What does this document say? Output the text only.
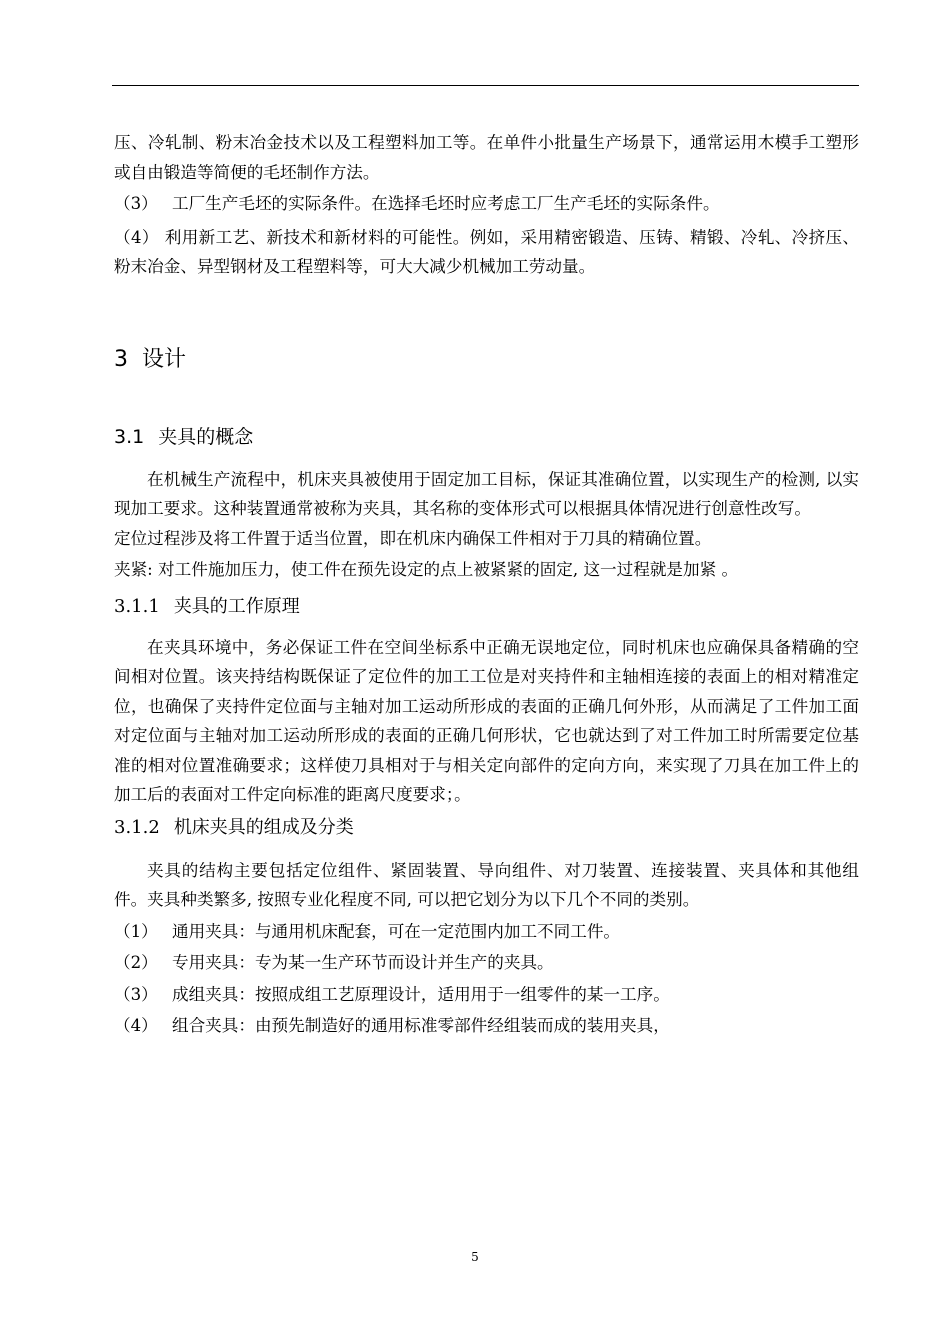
压、冷轧制、粉末冶金技术以及工程塑料加工等。在单件小批量生产场景下，通常运用木模手工塑形或自由锻造等简便的毛坯制作方法。

（3） 工厂生产毛坯的实际条件。在选择毛坯时应考虑工厂生产毛坯的实际条件。

（4） 利用新工艺、新技术和新材料的可能性。例如，采用精密锻造、压铸、精锻、冷轧、冷挤压、粉末冶金、异型钢材及工程塑料等，可大大减少机械加工劳动量。

3 设计
3.1 夹具的概念

在机械生产流程中，机床夹具被使用于固定加工目标，保证其准确位置，以实现生产的检测, 以实现加工要求。这种装置通常被称为夹具，其名称的变体形式可以根据具体情况进行创意性改写。

定位过程涉及将工件置于适当位置，即在机床内确保工件相对于刀具的精确位置。

夹紧: 对工件施加压力，使工件在预先设定的点上被紧紧的固定, 这一过程就是加紧 。

3.1.1 夹具的工作原理

在夹具环境中，务必保证工件在空间坐标系中正确无误地定位，同时机床也应确保具备精确的空间相对位置。该夹持结构既保证了定位件的加工工位是对夹持件和主轴相连接的表面上的相对精准定位，也确保了夹持件定位面与主轴对加工运动所形成的表面的正确几何外形，从而满足了工件加工面对定位面与主轴对加工运动所形成的表面的正确几何形状，它也就达到了对工件加工时所需要定位基准的相对位置准确要求；这样使刀具相对于与相关定向部件的定向方向，来实现了刀具在加工件上的加工后的表面对工件定向标准的距离尺度要求；。

3.1.2 机床夹具的组成及分类

夹具的结构主要包括定位组件、紧固装置、导向组件、对刀装置、连接装置、夹具体和其他组件。夹具种类繁多, 按照专业化程度不同, 可以把它划分为以下几个不同的类别。

（1） 通用夹具：与通用机床配套，可在一定范围内加工不同工件。

（2） 专用夹具：专为某一生产环节而设计并生产的夹具。

（3） 成组夹具：按照成组工艺原理设计，适用用于一组零件的某一工序。

（4） 组合夹具：由预先制造好的通用标准零部件经组装而成的装用夹具，

5
